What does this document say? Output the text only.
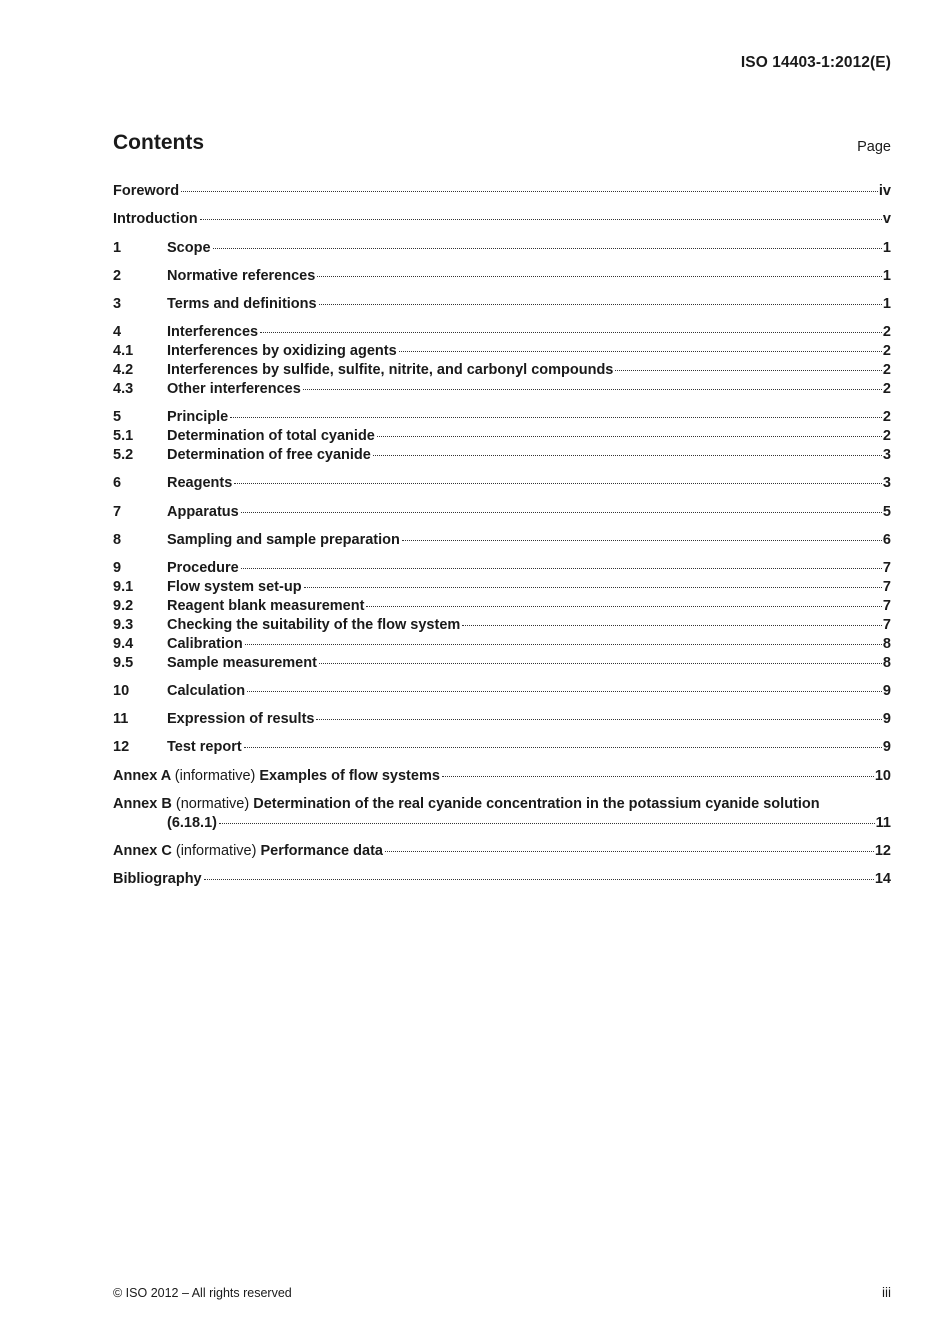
ISO 14403-1:2012(E)
Contents	Page
Foreword	iv
Introduction	v
1	Scope	1
2	Normative references	1
3	Terms and definitions	1
4	Interferences	2
4.1	Interferences by oxidizing agents	2
4.2	Interferences by sulfide, sulfite, nitrite, and carbonyl compounds	2
4.3	Other interferences	2
5	Principle	2
5.1	Determination of total cyanide	2
5.2	Determination of free cyanide	3
6	Reagents	3
7	Apparatus	5
8	Sampling and sample preparation	6
9	Procedure	7
9.1	Flow system set-up	7
9.2	Reagent blank measurement	7
9.3	Checking the suitability of the flow system	7
9.4	Calibration	8
9.5	Sample measurement	8
10	Calculation	9
11	Expression of results	9
12	Test report	9
Annex A (informative) Examples of flow systems	10
Annex B (normative) Determination of the real cyanide concentration in the potassium cyanide solution
(6.18.1)	11
Annex C (informative) Performance data	12
Bibliography	14
© ISO 2012 – All rights reserved	iii
